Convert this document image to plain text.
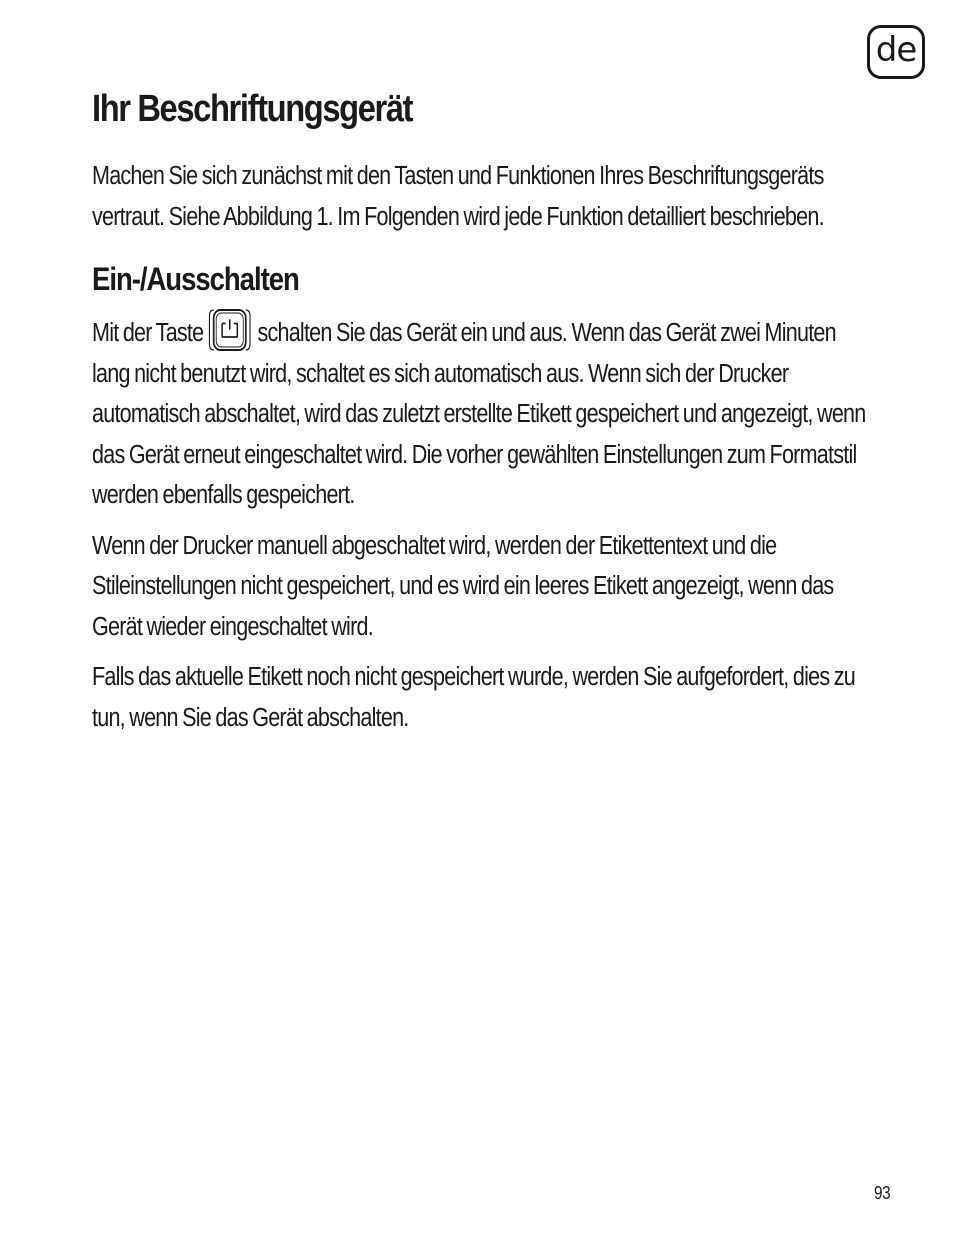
de
Ihr Beschriftungsgerät

Machen Sie sich zunächst mit den Tasten und Funktionen Ihres Beschriftungsgeräts vertraut. Siehe Abbildung 1. Im Folgenden wird jede Funktion detailliert beschrieben.

Ein-/Ausschalten

Mit der Taste schalten Sie das Gerät ein und aus. Wenn das Gerät zwei Minuten lang nicht benutzt wird, schaltet es sich automatisch aus. Wenn sich der Drucker automatisch abschaltet, wird das zuletzt erstellte Etikett gespeichert und angezeigt, wenn das Gerät erneut eingeschaltet wird. Die vorher gewählten Einstellungen zum Formatstil werden ebenfalls gespeichert.

Wenn der Drucker manuell abgeschaltet wird, werden der Etikettentext und die Stileinstellungen nicht gespeichert, und es wird ein leeres Etikett angezeigt, wenn das Gerät wieder eingeschaltet wird.

Falls das aktuelle Etikett noch nicht gespeichert wurde, werden Sie aufgefordert, dies zu tun, wenn Sie das Gerät abschalten.

93
